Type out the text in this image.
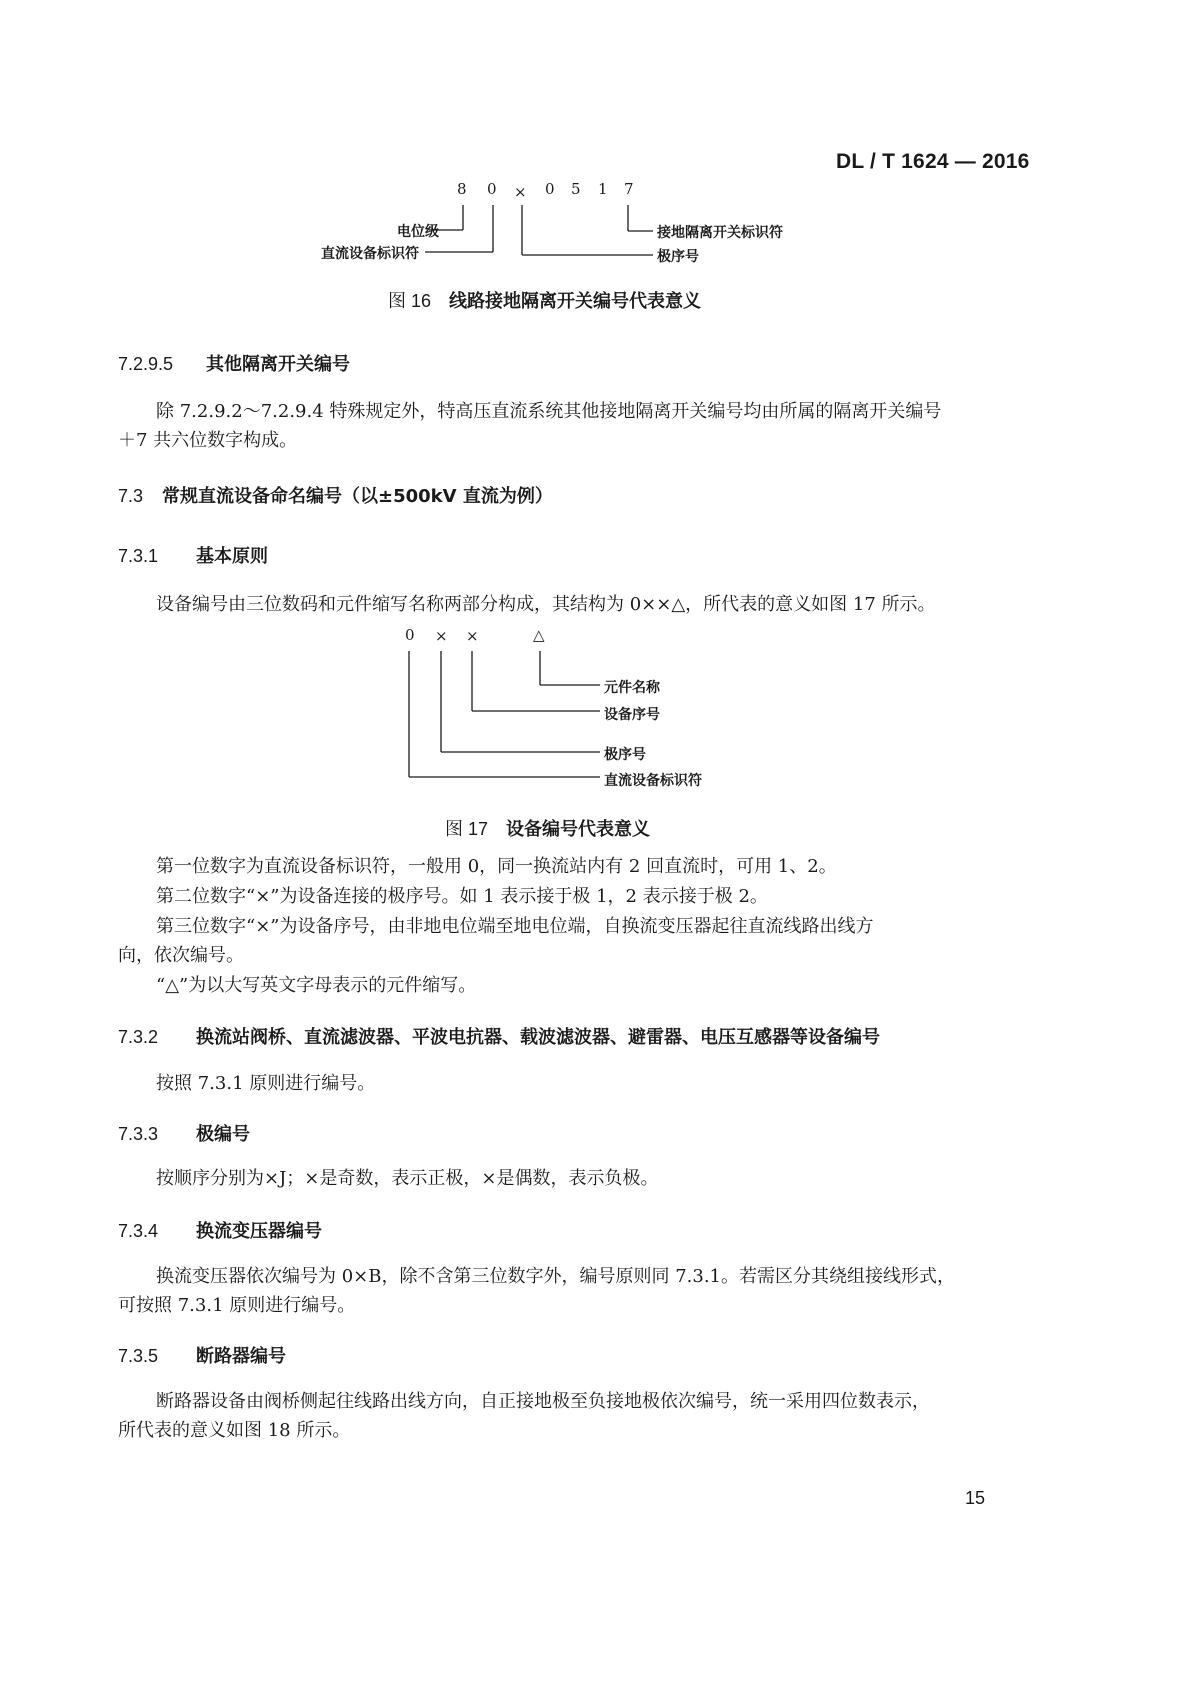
DL / T 1624 — 2016
8 0 × 0 5 1 7
电位级
直流设备标识符
接地隔离开关标识符
极序号
图 16 线路接地隔离开关编号代表意义
7.2.9.5 其他隔离开关编号
除 7.2.9.2～7.2.9.4 特殊规定外，特高压直流系统其他接地隔离开关编号均由所属的隔离开关编号
＋7 共六位数字构成。
7.3 常规直流设备命名编号（以±500kV 直流为例）
7.3.1 基本原则
设备编号由三位数码和元件缩写名称两部分构成，其结构为 0××△，所代表的意义如图 17 所示。
0 × ×	△
元件名称
设备序号
极序号
直流设备标识符
图 17 设备编号代表意义
第一位数字为直流设备标识符，一般用 0，同一换流站内有 2 回直流时，可用 1、2。
第二位数字“×”为设备连接的极序号。如 1 表示接于极 1，2 表示接于极 2。
第三位数字“×”为设备序号，由非地电位端至地电位端，自换流变压器起往直流线路出线方
向，依次编号。
“△”为以大写英文字母表示的元件缩写。
7.3.2 换流站阀桥、直流滤波器、平波电抗器、载波滤波器、避雷器、电压互感器等设备编号
按照 7.3.1 原则进行编号。
7.3.3 极编号
按顺序分别为×J；×是奇数，表示正极，×是偶数，表示负极。
7.3.4 换流变压器编号
换流变压器依次编号为 0×B，除不含第三位数字外，编号原则同 7.3.1。若需区分其绕组接线形式，
可按照 7.3.1 原则进行编号。
7.3.5 断路器编号
断路器设备由阀桥侧起往线路出线方向，自正接地极至负接地极依次编号，统一采用四位数表示，
所代表的意义如图 18 所示。
15
